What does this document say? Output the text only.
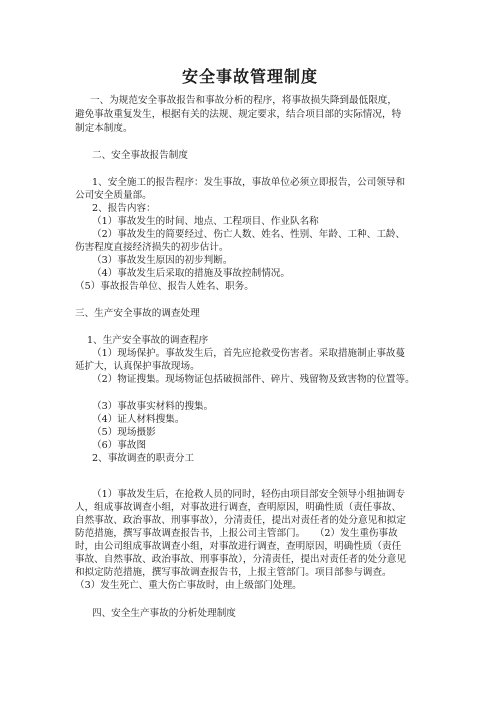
安全事故管理制度
一、为规范安全事故报告和事故分析的程序，将事故损失降到最低限度，
避免事故重复发生，根据有关的法规、规定要求，结合项目部的实际情况，特
制定本制度。
二、安全事故报告制度
1、安全施工的报告程序：发生事故，事故单位必须立即报告，公司领导和
公司安全质量部。
2、报告内容：
（1）事故发生的时间、地点、工程项目、作业队名称
（2）事故发生的简要经过、伤亡人数、姓名、性别、年龄、工种、工龄、
伤害程度直接经济损失的初步估计。
（3）事故发生原因的初步判断。
（4）事故发生后采取的措施及事故控制情况。
（5）事故报告单位、报告人姓名、职务。
三、生产安全事故的调查处理
1、生产安全事故的调查程序
（1）现场保护。事故发生后，首先应抢救受伤害者。采取措施制止事故蔓
延扩大，认真保护事故现场。
（2）物证搜集。现场物证包括破损部件、碎片、残留物及致害物的位置等。
（3）事故事实材料的搜集。
（4）证人材料搜集。
（5）现场摄影
（6）事故图
2、事故调查的职责分工
（1）事故发生后，在抢救人员的同时，轻伤由项目部安全领导小组抽调专
人，组成事故调查小组，对事故进行调查，查明原因，明确性质（责任事故、
自然事故、政治事故、刑事事故），分清责任，提出对责任者的处分意见和拟定
防范措施，撰写事故调查报告书，上报公司主管部门。　　（2）发生重伤事故
时，由公司组成事故调查小组，对事故进行调查，查明原因，明确性质（责任
事故、自然事故、政治事故、刑事事故），分清责任，提出对责任者的处分意见
和拟定防范措施，撰写事故调查报告书，上报主管部门。项目部参与调查。
（3）发生死亡、重大伤亡事故时，由上级部门处理。
四、安全生产事故的分析处理制度
